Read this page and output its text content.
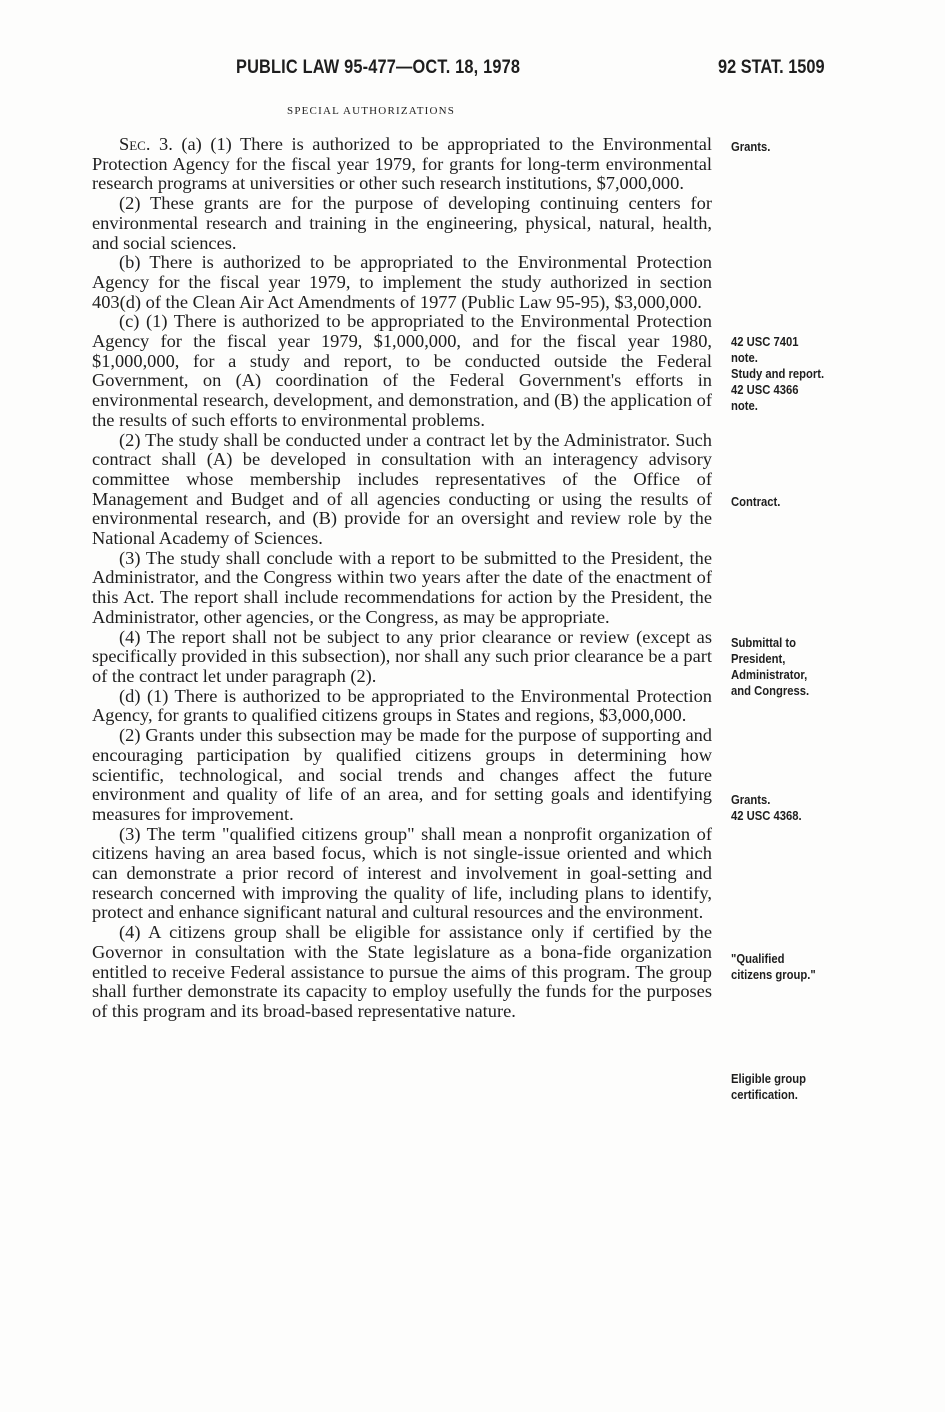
PUBLIC LAW 95-477—OCT. 18, 1978	92 STAT. 1509
SPECIAL AUTHORIZATIONS

Sec. 3. (a) (1) There is authorized to be appropriated to the Environmental Protection Agency for the fiscal year 1979, for grants for long-term environmental research programs at universities or other such research institutions, $7,000,000.

(2) These grants are for the purpose of developing continuing centers for environmental research and training in the engineering, physical, natural, health, and social sciences.

(b) There is authorized to be appropriated to the Environmental Protection Agency for the fiscal year 1979, to implement the study authorized in section 403(d) of the Clean Air Act Amendments of 1977 (Public Law 95-95), $3,000,000.

(c) (1) There is authorized to be appropriated to the Environmental Protection Agency for the fiscal year 1979, $1,000,000, and for the fiscal year 1980, $1,000,000, for a study and report, to be conducted outside the Federal Government, on (A) coordination of the Federal Government's efforts in environmental research, development, and demonstration, and (B) the application of the results of such efforts to environmental problems.

(2) The study shall be conducted under a contract let by the Administrator. Such contract shall (A) be developed in consultation with an interagency advisory committee whose membership includes representatives of the Office of Management and Budget and of all agencies conducting or using the results of environmental research, and (B) provide for an oversight and review role by the National Academy of Sciences.

(3) The study shall conclude with a report to be submitted to the President, the Administrator, and the Congress within two years after the date of the enactment of this Act. The report shall include recommendations for action by the President, the Administrator, other agencies, or the Congress, as may be appropriate.

(4) The report shall not be subject to any prior clearance or review (except as specifically provided in this subsection), nor shall any such prior clearance be a part of the contract let under paragraph (2).

(d) (1) There is authorized to be appropriated to the Environmental Protection Agency, for grants to qualified citizens groups in States and regions, $3,000,000.

(2) Grants under this subsection may be made for the purpose of supporting and encouraging participation by qualified citizens groups in determining how scientific, technological, and social trends and changes affect the future environment and quality of life of an area, and for setting goals and identifying measures for improvement.

(3) The term "qualified citizens group" shall mean a nonprofit organization of citizens having an area based focus, which is not single-issue oriented and which can demonstrate a prior record of interest and involvement in goal-setting and research concerned with improving the quality of life, including plans to identify, protect and enhance significant natural and cultural resources and the environment.

(4) A citizens group shall be eligible for assistance only if certified by the Governor in consultation with the State legislature as a bona-fide organization entitled to receive Federal assistance to pursue the aims of this program. The group shall further demonstrate its capacity to employ usefully the funds for the purposes of this program and its broad-based representative nature.

Grants.
42 USC 7401
note.
Study and report.
42 USC 4366
note.
Contract.
Submittal to
President,
Administrator,
and Congress.
Grants.
42 USC 4368.
"Qualified
citizens group."
Eligible group
certification.
